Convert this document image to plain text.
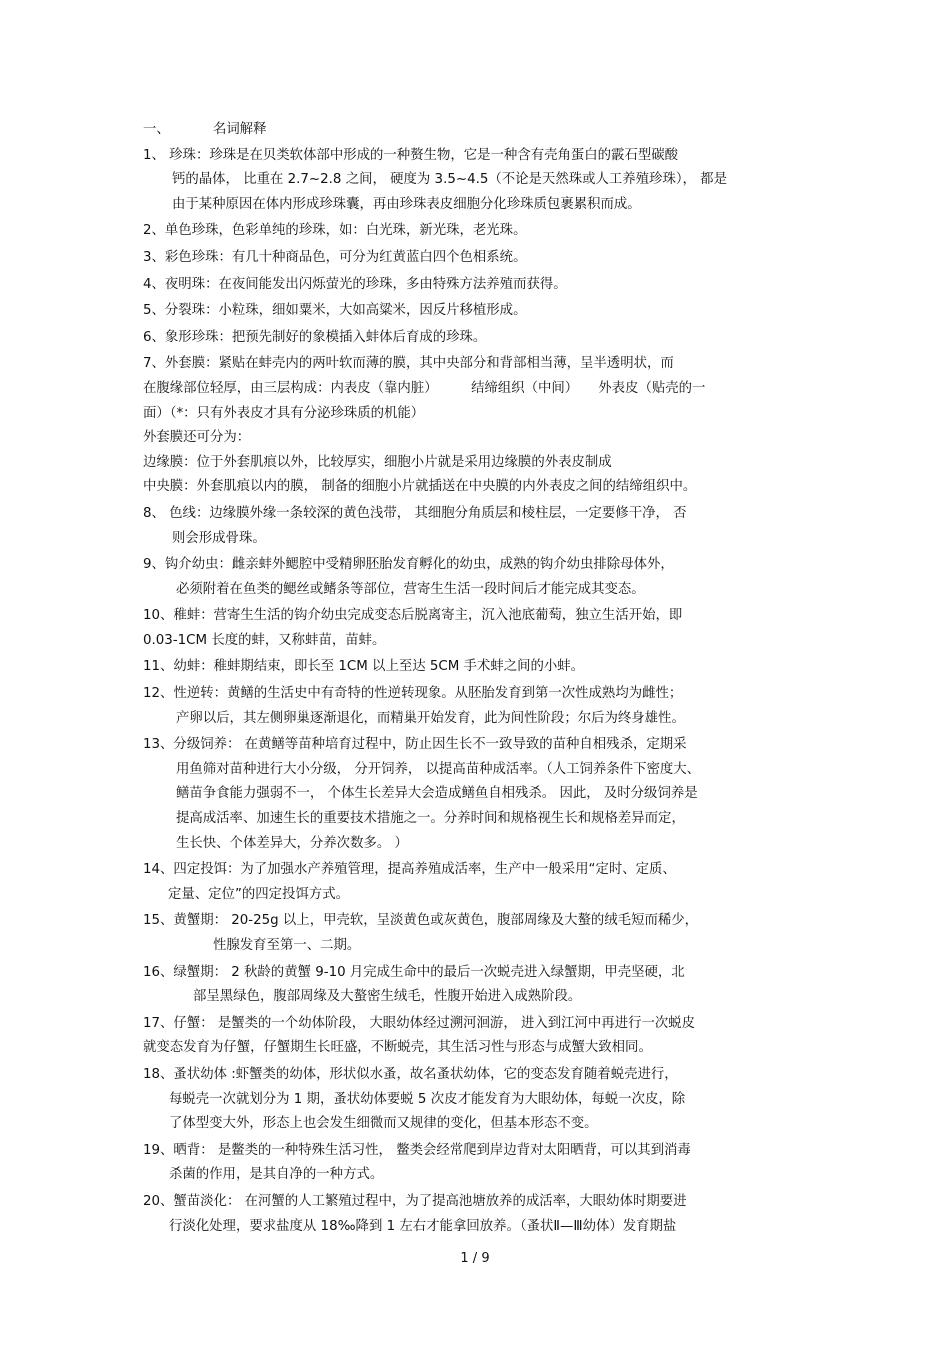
一、	名词解释
1、 珍珠：珍珠是在贝类软体部中形成的一种赘生物，它是一种含有壳角蛋白的霰石型碳酸
钙的晶体， 比重在 2.7~2.8 之间， 硬度为 3.5~4.5（不论是天然珠或人工养殖珍珠）， 都是
由于某种原因在体内形成珍珠囊，再由珍珠表皮细胞分化珍珠质包裹累积而成。
2、单色珍珠，色彩单纯的珍珠，如：白光珠，新光珠，老光珠。
3、彩色珍珠：有几十种商品色，可分为红黄蓝白四个色相系统。
4、夜明珠：在夜间能发出闪烁萤光的珍珠，多由特殊方法养殖而获得。
5、分裂珠：小粒珠，细如粟米，大如高粱米，因反片移植形成。
6、象形珍珠：把预先制好的象模插入蚌体后育成的珍珠。
7、外套膜：紧贴在蚌壳内的两叶软而薄的膜，其中央部分和背部相当薄，呈半透明状，而
在腹缘部位轻厚，由三层构成：内表皮（靠内脏）　　　结缔组织（中间）　　外表皮（贴壳的一
面）（*：只有外表皮才具有分泌珍珠质的机能）
外套膜还可分为：
边缘膜：位于外套肌痕以外，比较厚实，细胞小片就是采用边缘膜的外表皮制成
中央膜：外套肌痕以内的膜， 制备的细胞小片就插送在中央膜的内外表皮之间的结缔组织中。
8、 色线：边缘膜外缘一条较深的黄色浅带， 其细胞分角质层和棱柱层，一定要修干净， 否
则会形成骨珠。
9、钩介幼虫：雌亲蚌外鳃腔中受精卵胚胎发育孵化的幼虫，成熟的钩介幼虫排除母体外，
必须附着在鱼类的鳃丝或鳍条等部位，营寄生生活一段时间后才能完成其变态。
10、稚蚌：营寄生生活的钩介幼虫完成变态后脱离寄主，沉入池底葡萄，独立生活开始，即
0.03-1CM 长度的蚌，又称蚌苗，苗蚌。
11、幼蚌：稚蚌期结束，即长至 1CM 以上至达 5CM 手术蚌之间的小蚌。
12、性逆转：黄鳝的生活史中有奇特的性逆转现象。从胚胎发育到第一次性成熟均为雌性；
产卵以后，其左侧卵巢逐渐退化，而精巢开始发育，此为间性阶段；尔后为终身雄性。
13、分级饲养： 在黄鳝等苗种培育过程中，防止因生长不一致导致的苗种自相残杀，定期采
用鱼筛对苗种进行大小分级， 分开饲养， 以提高苗种成活率。（人工饲养条件下密度大、
鳝苗争食能力强弱不一， 个体生长差异大会造成鳝鱼自相残杀。 因此， 及时分级饲养是
提高成活率、加速生长的重要技术措施之一。分养时间和规格视生长和规格差异而定，
生长快、个体差异大，分养次数多。 ）
14、四定投饵：为了加强水产养殖管理，提高养殖成活率，生产中一般采用“定时、定质、
定量、定位”的四定投饵方式。
15、黄蟹期： 20-25g 以上，甲壳软，呈淡黄色或灰黄色，腹部周缘及大螯的绒毛短而稀少，
性腺发育至第一、二期。
16、绿蟹期： 2 秋龄的黄蟹 9-10 月完成生命中的最后一次蜕壳进入绿蟹期，甲壳坚硬，北
部呈黑绿色，腹部周缘及大螯密生绒毛，性腹开始进入成熟阶段。
17、仔蟹： 是蟹类的一个幼体阶段， 大眼幼体经过溯河洄游， 进入到江河中再进行一次蜕皮
就变态发育为仔蟹，仔蟹期生长旺盛，不断蜕壳，其生活习性与形态与成蟹大致相同。
18、蚤状幼体 :虾蟹类的幼体，形状似水蚤，故名蚤状幼体，它的变态发育随着蜕壳进行，
每蜕壳一次就划分为 1 期，蚤状幼体要蜕 5 次皮才能发育为大眼幼体，每蜕一次皮，除
了体型变大外，形态上也会发生细微而又规律的变化，但基本形态不变。
19、晒背： 是鳖类的一种特殊生活习性， 鳖类会经常爬到岸边背对太阳晒背，可以其到消毒
杀菌的作用，是其自净的一种方式。
20、蟹苗淡化： 在河蟹的人工繁殖过程中，为了提高池塘放养的成活率，大眼幼体时期要进
行淡化处理，要求盐度从 18‰降到 1 左右才能拿回放养。（蚤状Ⅱ—Ⅲ幼体）发育期盐
1 / 9
